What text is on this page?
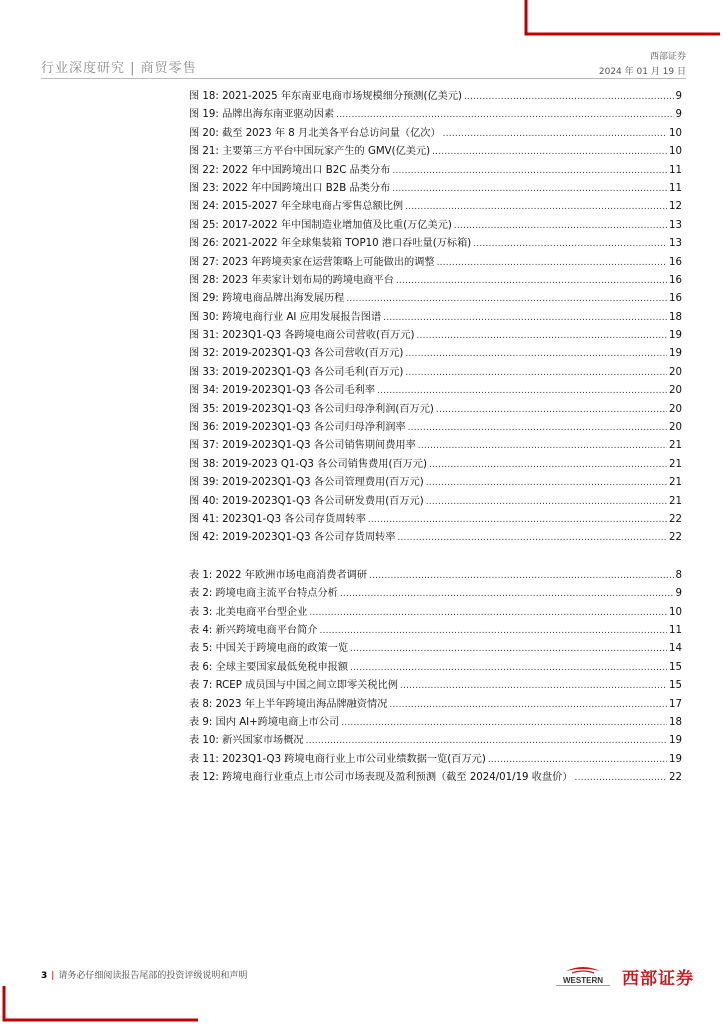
行业深度研究 | 商贸零售
西部证券
2024 年 01 月 19 日
图 18: 2021-2025 年东南亚电商市场规模细分预测(亿美元) .....	9
图 19: 品牌出海东南亚驱动因素 .....	9
图 20: 截至 2023 年 8 月北美各平台总访问量（亿次） .....	10
图 21: 主要第三方平台中国玩家产生的 GMV(亿美元) .....	10
图 22: 2022 年中国跨境出口 B2C 品类分布 .....	11
图 23: 2022 年中国跨境出口 B2B 品类分布 .....	11
图 24: 2015-2027 年全球电商占零售总额比例 .....	12
图 25: 2017-2022 年中国制造业增加值及比重(万亿美元) .....	13
图 26: 2021-2022 年全球集装箱 TOP10 港口吞吐量(万标箱) .....	13
图 27: 2023 年跨境卖家在运营策略上可能做出的调整 .....	16
图 28: 2023 年卖家计划布局的跨境电商平台 .....	16
图 29: 跨境电商品牌出海发展历程 .....	16
图 30: 跨境电商行业 AI 应用发展报告图谱 .....	18
图 31: 2023Q1-Q3 各跨境电商公司营收(百万元) .....	19
图 32: 2019-2023Q1-Q3 各公司营收(百万元) .....	19
图 33: 2019-2023Q1-Q3 各公司毛利(百万元) .....	20
图 34: 2019-2023Q1-Q3 各公司毛利率 .....	20
图 35: 2019-2023Q1-Q3 各公司归母净利润(百万元) .....	20
图 36: 2019-2023Q1-Q3 各公司归母净利润率 .....	20
图 37: 2019-2023Q1-Q3 各公司销售期间费用率 .....	21
图 38: 2019-2023 Q1-Q3 各公司销售费用(百万元) .....	21
图 39: 2019-2023Q1-Q3 各公司管理费用(百万元) .....	21
图 40: 2019-2023Q1-Q3 各公司研发费用(百万元) .....	21
图 41: 2023Q1-Q3 各公司存货周转率 .....	22
图 42: 2019-2023Q1-Q3 各公司存货周转率 .....	22
表 1: 2022 年欧洲市场电商消费者调研 .....	8
表 2: 跨境电商主流平台特点分析 .....	9
表 3: 北美电商平台型企业 .....	10
表 4: 新兴跨境电商平台简介 .....	11
表 5: 中国关于跨境电商的政策一览 .....	14
表 6: 全球主要国家最低免税申报额 .....	15
表 7: RCEP 成员国与中国之间立即零关税比例 .....	15
表 8: 2023 年上半年跨境出海品牌融资情况 .....	17
表 9: 国内 AI+跨境电商上市公司 .....	18
表 10: 新兴国家市场概况 .....	19
表 11: 2023Q1-Q3 跨境电商行业上市公司业绩数据一览(百万元) .....	19
表 12: 跨境电商行业重点上市公司市场表现及盈利预测（截至 2024/01/19 收盘价） .....	22
3 | 请务必仔细阅读报告尾部的投资评级说明和声明	WESTERN 西部证券
